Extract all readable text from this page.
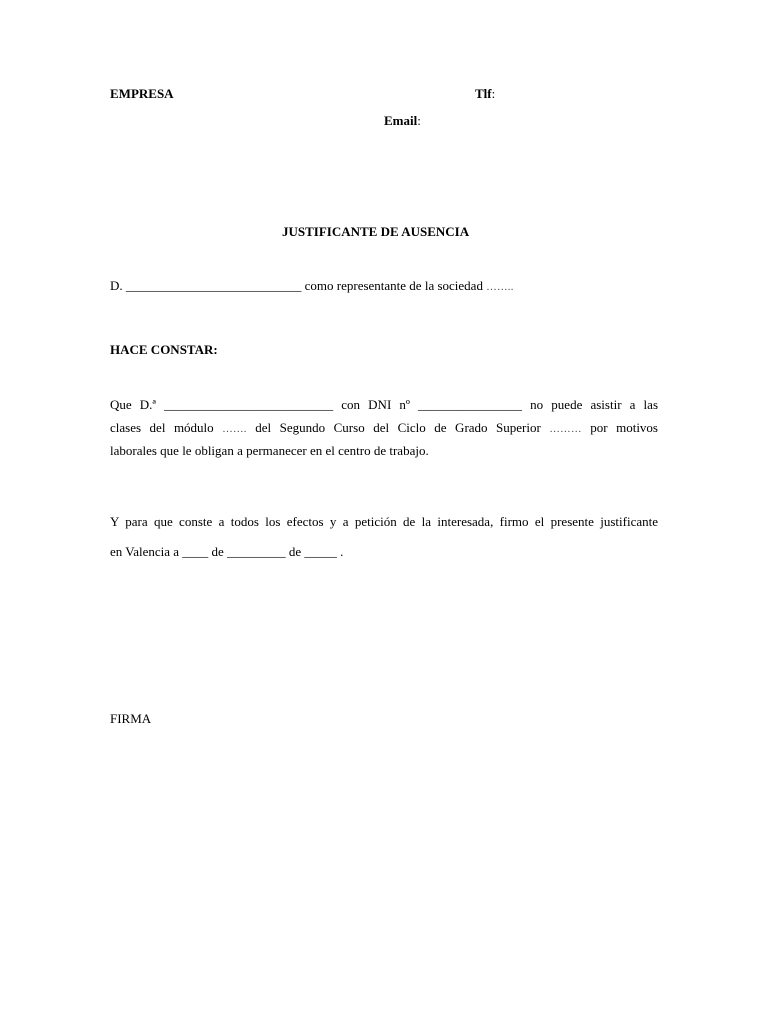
EMPRESA	Tlf:
Email:
JUSTIFICANTE DE AUSENCIA
D. ___________________________ como representante de la sociedad ……..
HACE CONSTAR:
Que D.ª __________________________ con DNI nº ________________ no puede asistir a las
clases del módulo ……. del Segundo Curso del Ciclo de Grado Superior ……… por motivos
laborales que le obligan a permanecer en el centro de trabajo.
Y para que conste a todos los efectos y a petición de la interesada, firmo el presente justificante
en Valencia a ____ de _________ de _____ .
FIRMA
